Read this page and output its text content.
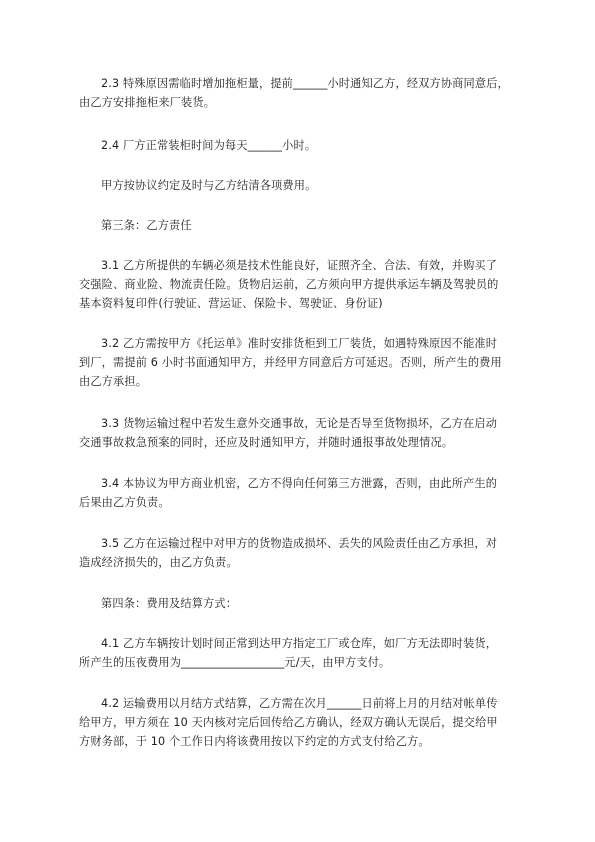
2.3 特殊原因需临时增加拖柜量，提前______小时通知乙方，经双方协商同意后，
由乙方安排拖柜来厂装货。
2.4 厂方正常装柜时间为每天______小时。
甲方按协议约定及时与乙方结清各项费用。
第三条：乙方责任
3.1 乙方所提供的车辆必须是技术性能良好，证照齐全、合法、有效，并购买了
交强险、商业险、物流责任险。货物启运前，乙方须向甲方提供承运车辆及驾驶员的
基本资料复印件(行驶证、营运证、保险卡、驾驶证、身份证)
3.2 乙方需按甲方《托运单》准时安排货柜到工厂装货，如遇特殊原因不能准时
到厂，需提前 6 小时书面通知甲方，并经甲方同意后方可延迟。否则，所产生的费用
由乙方承担。
3.3 货物运输过程中若发生意外交通事故，无论是否导至货物损坏，乙方在启动
交通事故救急预案的同时，还应及时通知甲方，并随时通报事故处理情况。
3.4 本协议为甲方商业机密，乙方不得向任何第三方泄露，否则，由此所产生的
后果由乙方负责。
3.5 乙方在运输过程中对甲方的货物造成损坏、丢失的风险责任由乙方承担，对
造成经济损失的，由乙方负责。
第四条：费用及结算方式：
4.1 乙方车辆按计划时间正常到达甲方指定工厂或仓库，如厂方无法即时装货，
所产生的压夜费用为__________________元/天，由甲方支付。
4.2 运输费用以月结方式结算，乙方需在次月______日前将上月的月结对帐单传
给甲方，甲方须在 10 天内核对完后回传给乙方确认，经双方确认无误后，提交给甲
方财务部，于 10 个工作日内将该费用按以下约定的方式支付给乙方。
